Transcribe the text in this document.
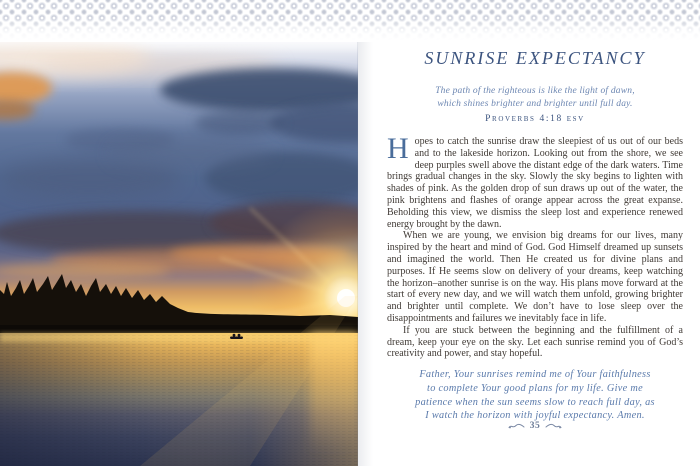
SUNRISE EXPECTANCY

The path of the righteous is like the light of dawn,
which shines brighter and brighter until full day.

Proverbs 4:18 esv

Hopes to catch the sunrise draw the sleepiest of us out of our beds and to the lakeside horizon. Looking out from the shore, we see deep purples swell above the distant edge of the dark waters. Time brings gradual changes in the sky. Slowly the sky begins to lighten with shades of pink. As the golden drop of sun draws up out of the water, the pink brightens and flashes of orange appear across the great expanse. Beholding this view, we dismiss the sleep lost and experience renewed energy brought by the dawn.

When we are young, we envision big dreams for our lives, many inspired by the heart and mind of God. God Himself dreamed up sunsets and imagined the world. Then He created us for divine plans and purposes. If He seems slow on delivery of your dreams, keep watching the horizon–another sunrise is on the way. His plans move forward at the start of every new day, and we will watch them unfold, growing brighter and brighter until complete. We don’t have to lose sleep over the disappointments and failures we inevitably face in life.

If you are stuck between the beginning and the fulfillment of a dream, keep your eye on the sky. Let each sunrise remind you of God’s creativity and power, and stay hopeful.

Father, Your sunrises remind me of Your faithfulness
to complete Your good plans for my life. Give me
patience when the sun seems slow to reach full day, as
I watch the horizon with joyful expectancy. Amen.

35
